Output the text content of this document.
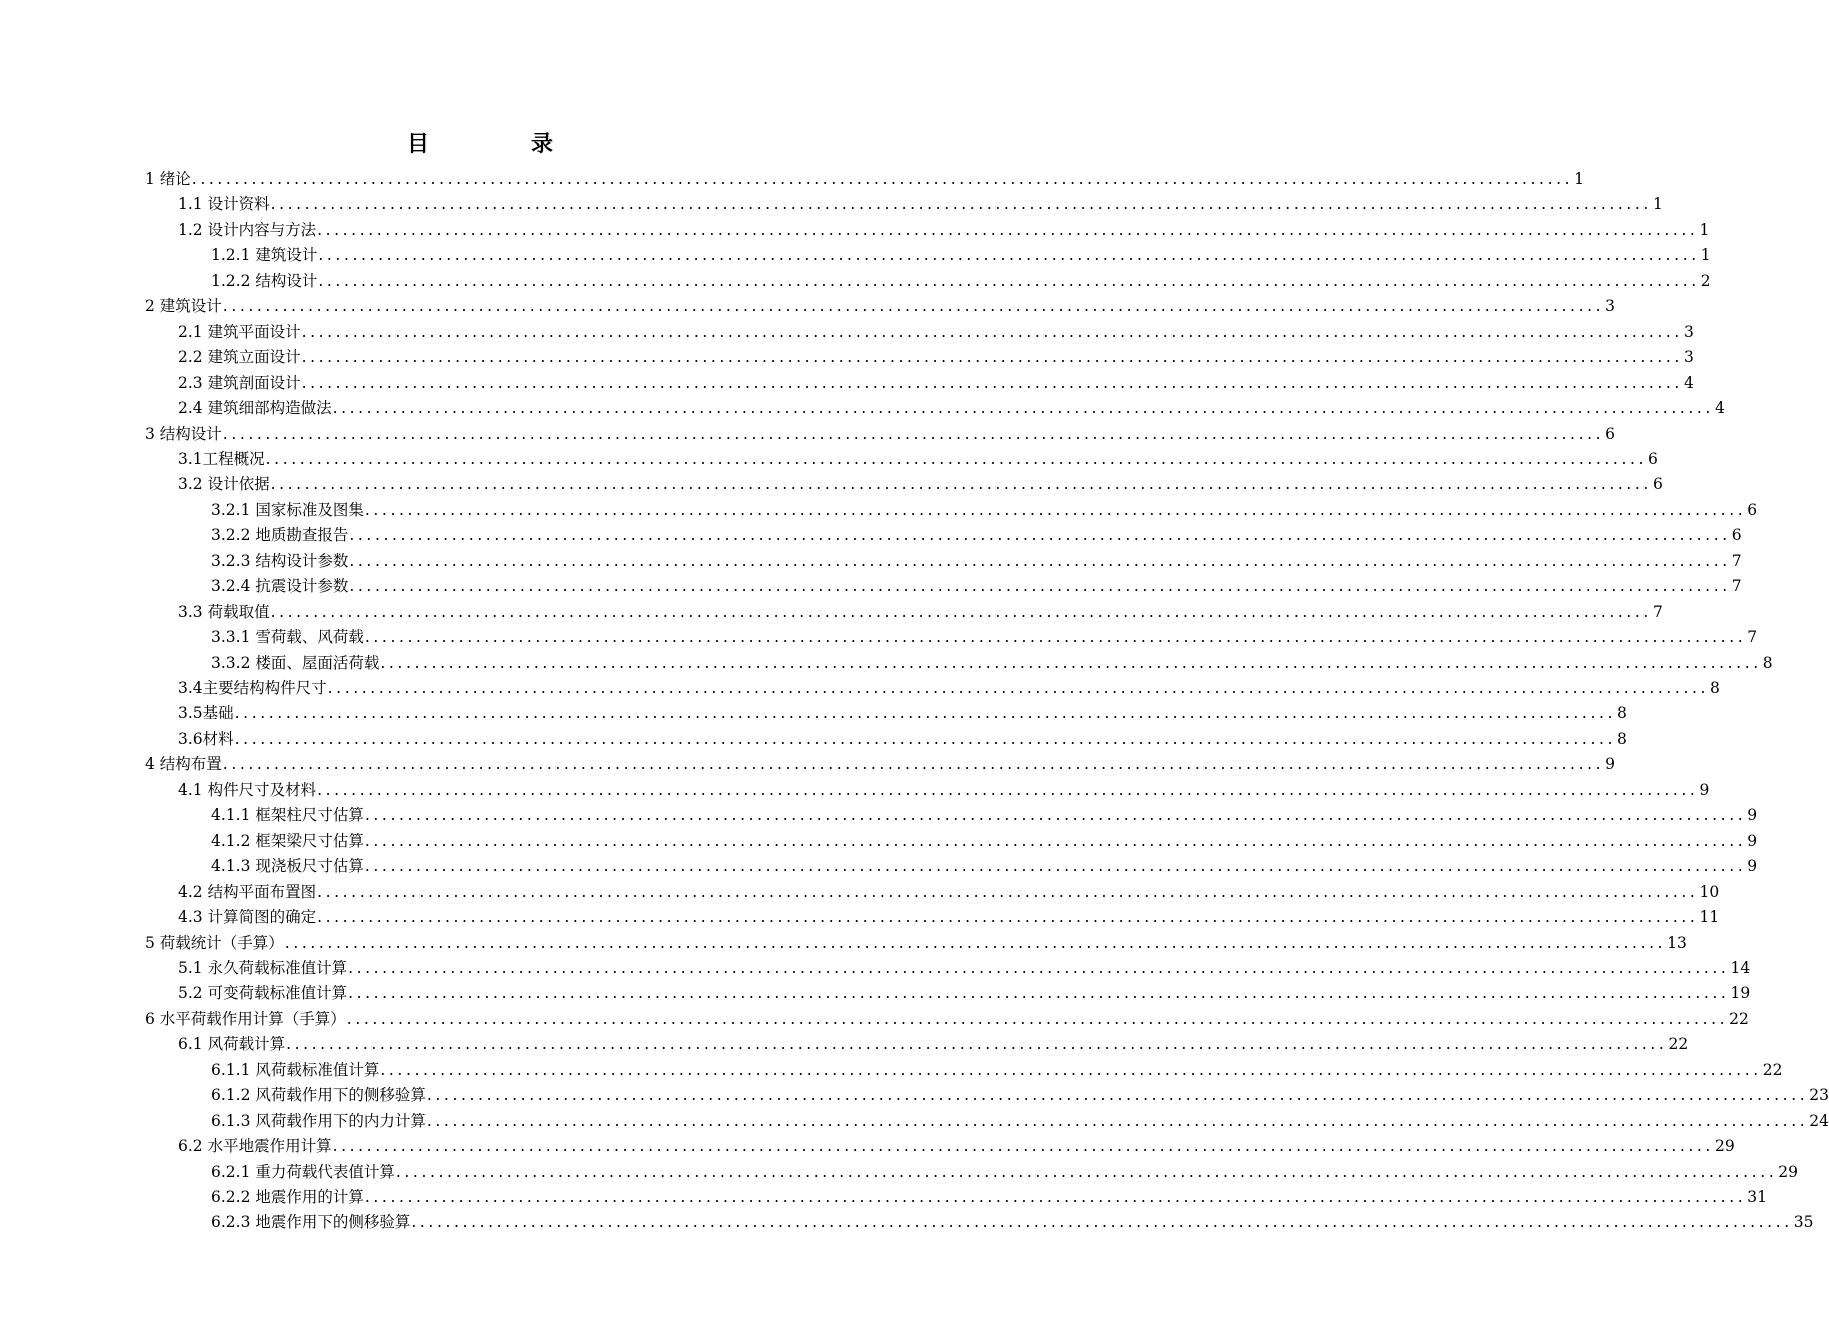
目　录
1 绪论 .................................................................................................................................................................. 1
1.1 设计资料 .................................................................................................................................................................. 1
1.2 设计内容与方法 .................................................................................................................................................................. 1
1.2.1 建筑设计 .................................................................................................................................................................. 1
1.2.2 结构设计 .................................................................................................................................................................. 2
2 建筑设计 .................................................................................................................................................................. 3
2.1 建筑平面设计 .................................................................................................................................................................. 3
2.2 建筑立面设计 .................................................................................................................................................................. 3
2.3 建筑剖面设计 .................................................................................................................................................................. 4
2.4 建筑细部构造做法 .................................................................................................................................................................. 4
3 结构设计 .................................................................................................................................................................. 6
3.1工程概况 .................................................................................................................................................................. 6
3.2 设计依据 .................................................................................................................................................................. 6
3.2.1 国家标准及图集 .................................................................................................................................................................. 6
3.2.2 地质勘查报告 .................................................................................................................................................................. 6
3.2.3 结构设计参数 .................................................................................................................................................................. 7
3.2.4 抗震设计参数 .................................................................................................................................................................. 7
3.3 荷载取值 .................................................................................................................................................................. 7
3.3.1 雪荷载、风荷载 .................................................................................................................................................................. 7
3.3.2 楼面、屋面活荷载 .................................................................................................................................................................. 8
3.4主要结构构件尺寸 .................................................................................................................................................................. 8
3.5基础 .................................................................................................................................................................. 8
3.6材料 .................................................................................................................................................................. 8
4 结构布置 .................................................................................................................................................................. 9
4.1 构件尺寸及材料 .................................................................................................................................................................. 9
4.1.1 框架柱尺寸估算 .................................................................................................................................................................. 9
4.1.2 框架梁尺寸估算 .................................................................................................................................................................. 9
4.1.3 现浇板尺寸估算 .................................................................................................................................................................. 9
4.2 结构平面布置图 .................................................................................................................................................................. 10
4.3 计算简图的确定 .................................................................................................................................................................. 11
5 荷载统计（手算） .................................................................................................................................................................. 13
5.1 永久荷载标准值计算 .................................................................................................................................................................. 14
5.2 可变荷载标准值计算 .................................................................................................................................................................. 19
6 水平荷载作用计算（手算） .................................................................................................................................................................. 22
6.1 风荷载计算 .................................................................................................................................................................. 22
6.1.1 风荷载标准值计算 .................................................................................................................................................................. 22
6.1.2 风荷载作用下的侧移验算 .................................................................................................................................................................. 23
6.1.3 风荷载作用下的内力计算 .................................................................................................................................................................. 24
6.2 水平地震作用计算 .................................................................................................................................................................. 29
6.2.1 重力荷载代表值计算 .................................................................................................................................................................. 29
6.2.2 地震作用的计算 .................................................................................................................................................................. 31
6.2.3 地震作用下的侧移验算 .................................................................................................................................................................. 35
